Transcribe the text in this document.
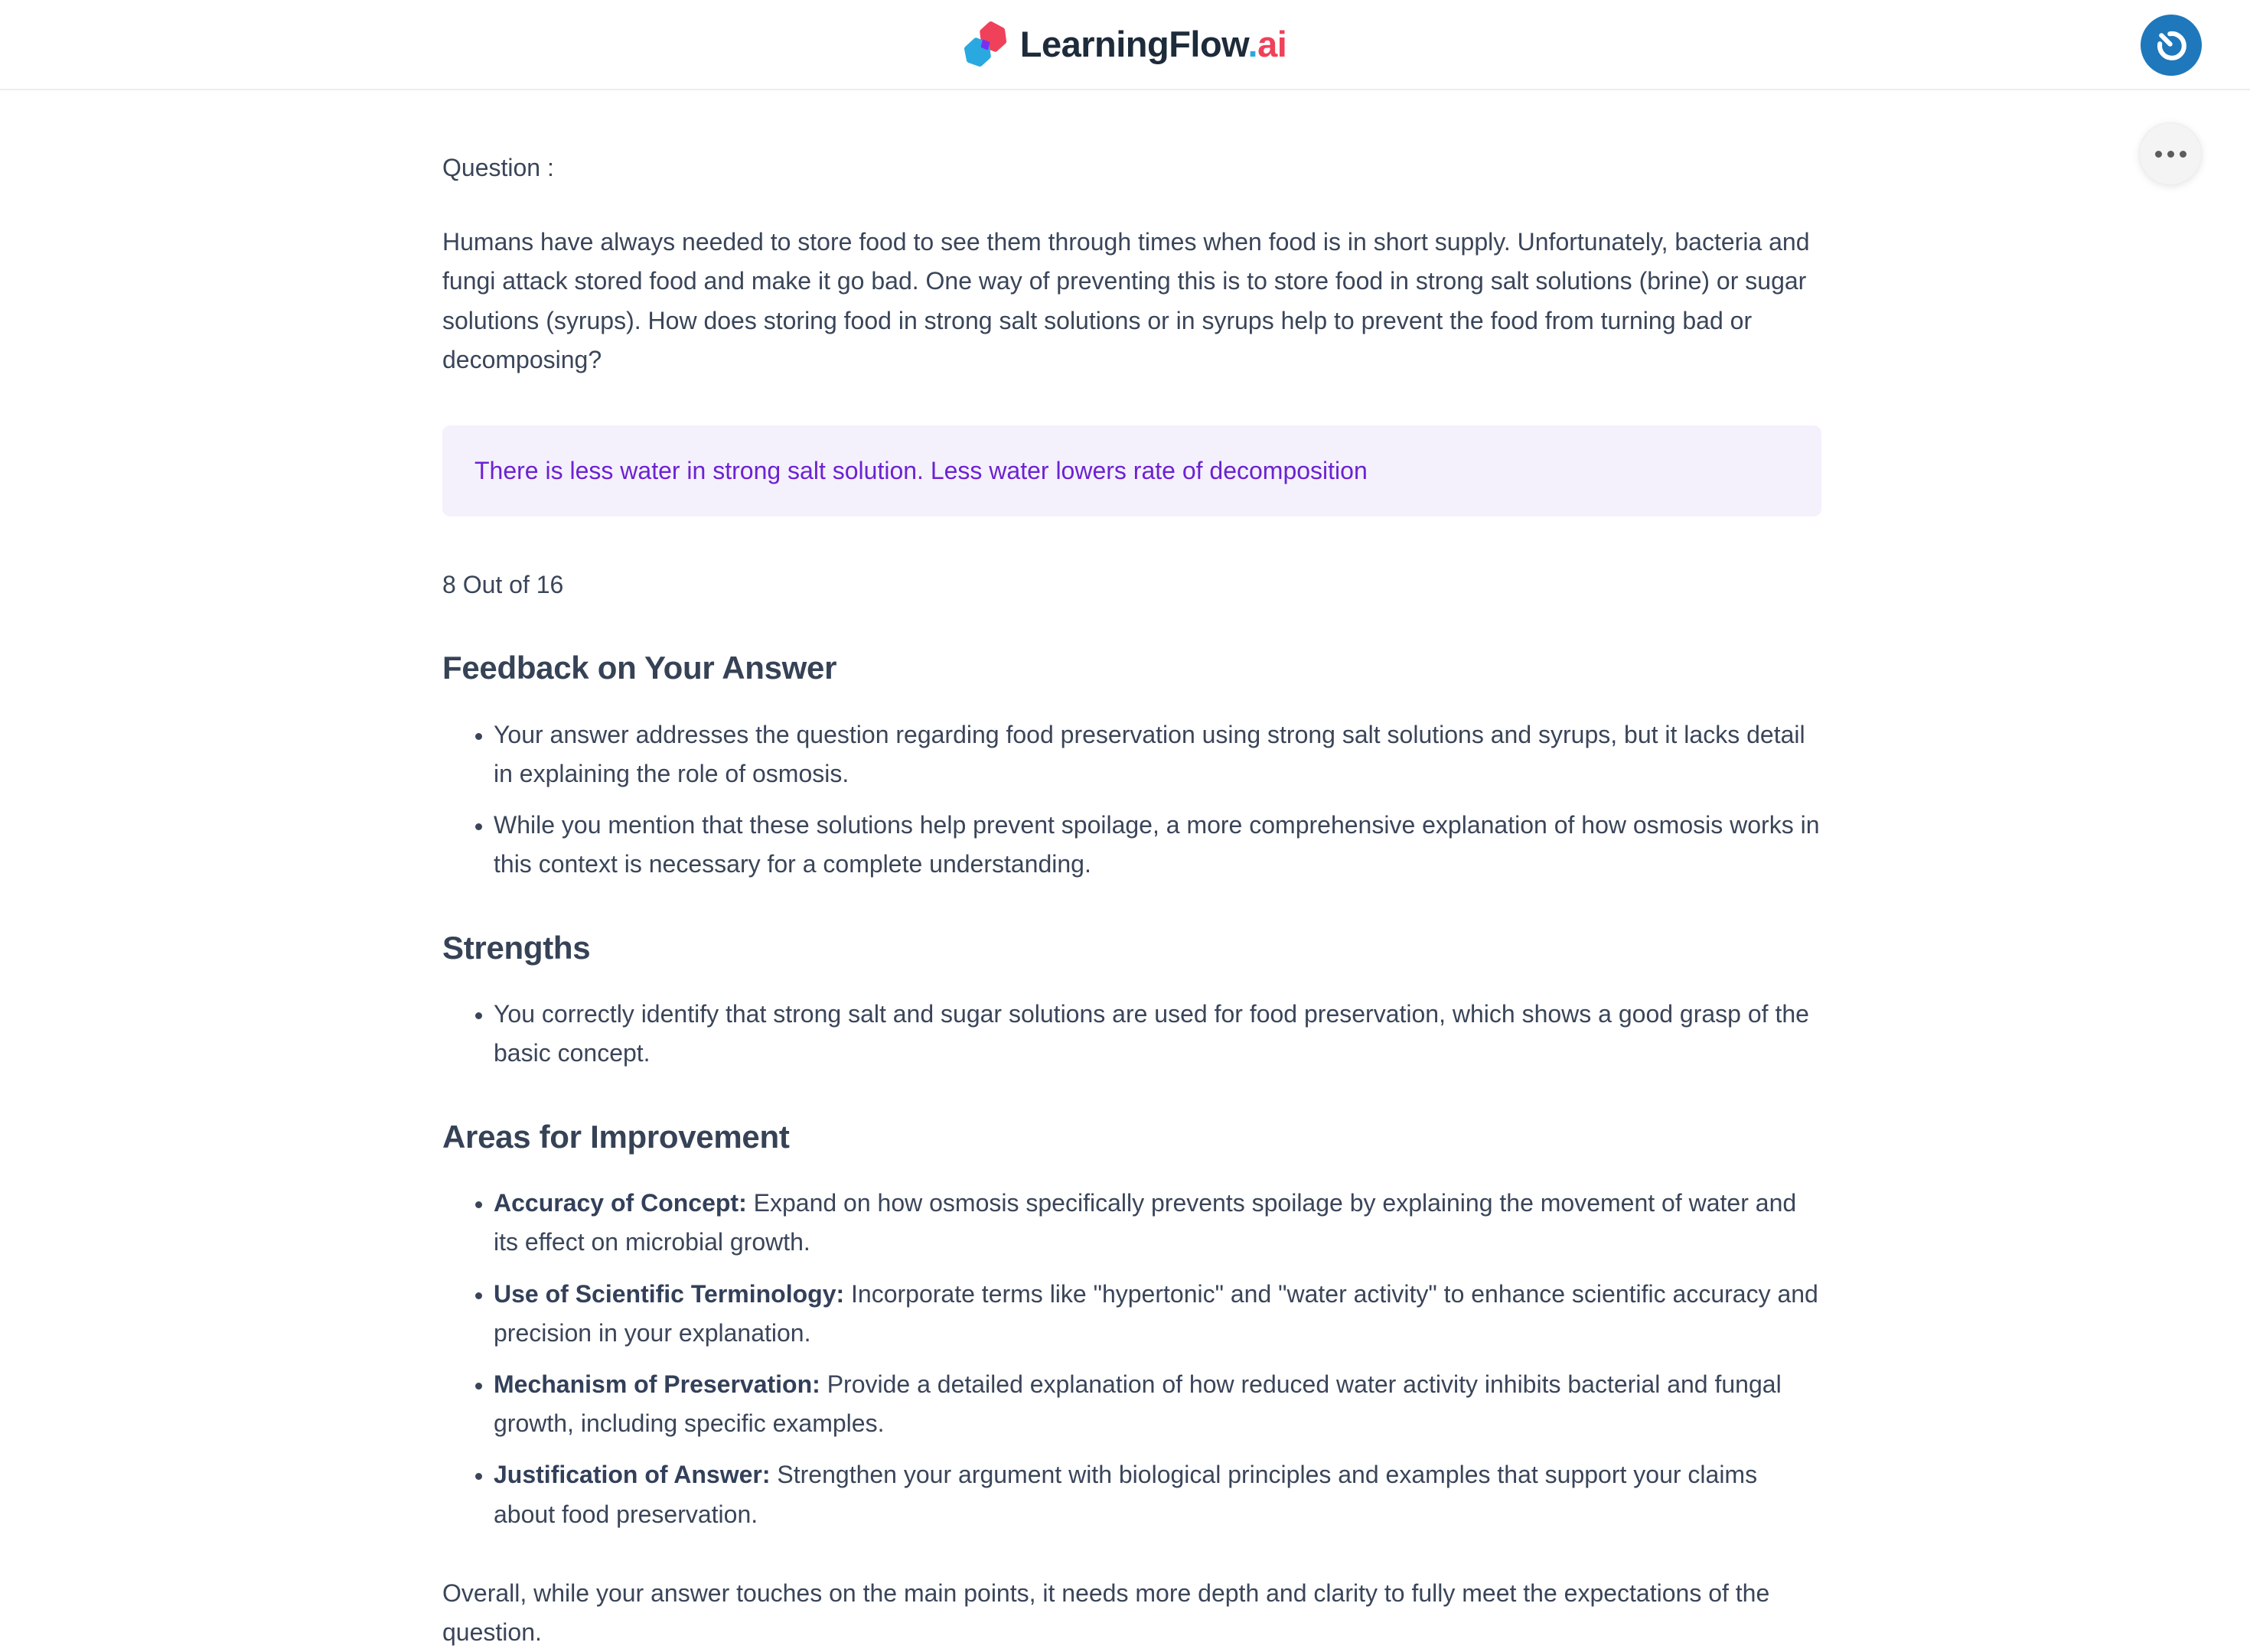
LearningFlow.ai

Question :

Humans have always needed to store food to see them through times when food is in short supply. Unfortunately, bacteria and fungi attack stored food and make it go bad. One way of preventing this is to store food in strong salt solutions (brine) or sugar solutions (syrups). How does storing food in strong salt solutions or in syrups help to prevent the food from turning bad or decomposing?

There is less water in strong salt solution. Less water lowers rate of decomposition

8 Out of 16

Feedback on Your Answer
• Your answer addresses the question regarding food preservation using strong salt solutions and syrups, but it lacks detail in explaining the role of osmosis.
• While you mention that these solutions help prevent spoilage, a more comprehensive explanation of how osmosis works in this context is necessary for a complete understanding.
Strengths
• You correctly identify that strong salt and sugar solutions are used for food preservation, which shows a good grasp of the basic concept.
Areas for Improvement
• Accuracy of Concept: Expand on how osmosis specifically prevents spoilage by explaining the movement of water and its effect on microbial growth.
• Use of Scientific Terminology: Incorporate terms like "hypertonic" and "water activity" to enhance scientific accuracy and precision in your explanation.
• Mechanism of Preservation: Provide a detailed explanation of how reduced water activity inhibits bacterial and fungal growth, including specific examples.
• Justification of Answer: Strengthen your argument with biological principles and examples that support your claims about food preservation.

Overall, while your answer touches on the main points, it needs more depth and clarity to fully meet the expectations of the question.
